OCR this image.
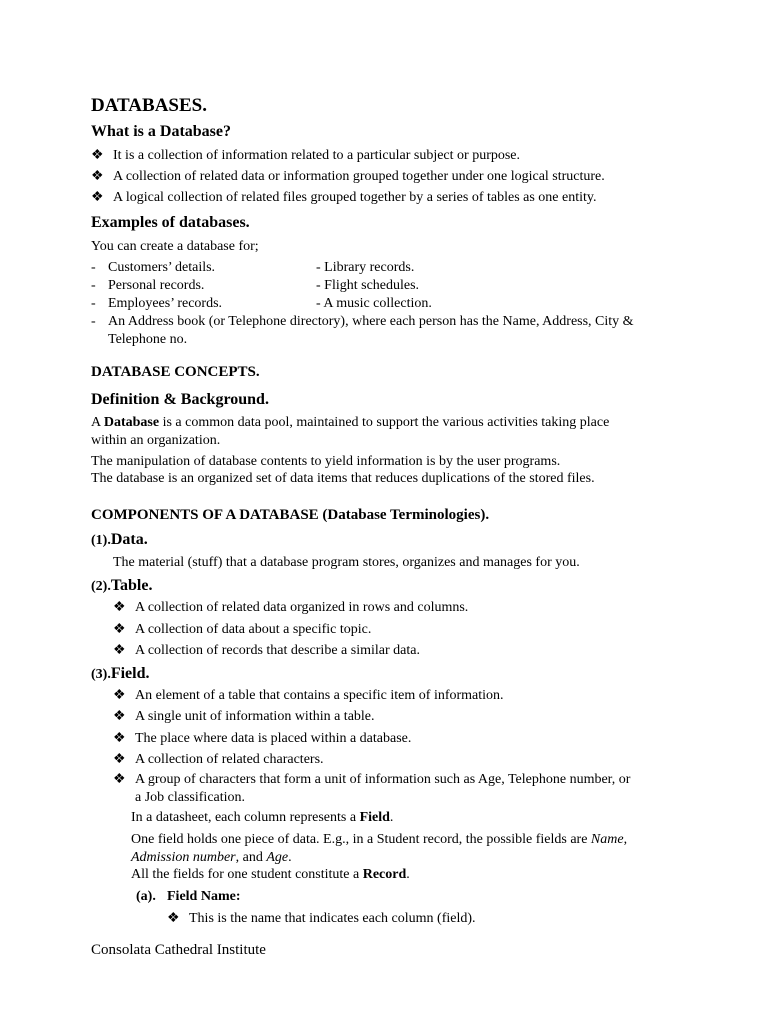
DATABASES.
What is a Database?
❖ It is a collection of information related to a particular subject or purpose.
❖ A collection of related data or information grouped together under one logical structure.
❖ A logical collection of related files grouped together by a series of tables as one entity.
Examples of databases.
You can create a database for;
- Customers’ details.	- Library records.
- Personal records.	- Flight schedules.
- Employees’ records.	- A music collection.
- An Address book (or Telephone directory), where each person has the Name, Address, City &
Telephone no.
DATABASE CONCEPTS.
Definition & Background.
A Database is a common data pool, maintained to support the various activities taking place
within an organization.
The manipulation of database contents to yield information is by the user programs.
The database is an organized set of data items that reduces duplications of the stored files.
COMPONENTS OF A DATABASE (Database Terminologies).
(1).Data.
The material (stuff) that a database program stores, organizes and manages for you.
(2).Table.
❖ A collection of related data organized in rows and columns.
❖ A collection of data about a specific topic.
❖ A collection of records that describe a similar data.
(3).Field.
❖ An element of a table that contains a specific item of information.
❖ A single unit of information within a table.
❖ The place where data is placed within a database.
❖ A collection of related characters.
❖ A group of characters that form a unit of information such as Age, Telephone number, or
a Job classification.
In a datasheet, each column represents a Field.
One field holds one piece of data. E.g., in a Student record, the possible fields are Name,
Admission number, and Age.
All the fields for one student constitute a Record.
(a). Field Name:
❖ This is the name that indicates each column (field).
Consolata Cathedral Institute
